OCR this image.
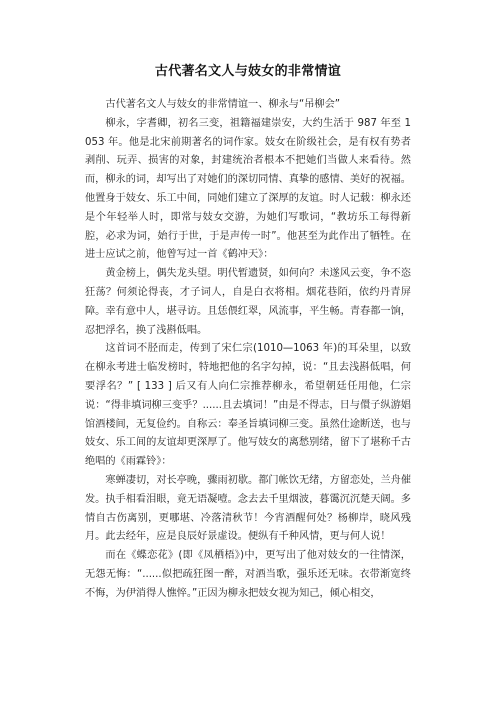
古代著名文人与妓女的非常情谊

古代著名文人与妓女的非常情谊一、柳永与“吊柳会”

柳永，字耆卿，初名三变，祖籍福建崇安，大约生活于 987 年至 1053 年。他是北宋前期著名的词作家。妓女在阶级社会，是有权有势者剥削、玩弄、损害的对象，封建统治者根本不把她们当做人来看待。然而，柳永的词，却写出了对她们的深切同情、真挚的感情、美好的祝福。他置身于妓女、乐工中间，同她们建立了深厚的友谊。时人记载：柳永还是个年轻举人时，即常与妓女交游，为她们写歌词，“教坊乐工每得新腔，必求为词，始行于世，于是声传一时”。他甚至为此作出了牺牲。在进士应试之前，他曾写过一首《鹤冲天》：

黄金榜上，偶失龙头望。明代暂遗贤，如何向？未遂风云变，争不恣狂荡？何须论得丧，才子词人，自是白衣将相。烟花巷陌，依约丹青屏障。幸有意中人，堪寻访。且恁偎红翠，风流事，平生畅。青春都一饷，忍把浮名，换了浅斟低唱。

这首词不胫而走，传到了宋仁宗(1010—1063 年)的耳朵里，以致在柳永考进士临发榜时，特地把他的名字勾掉，说：“且去浅斟低唱，何要浮名？” [ 133 ] 后又有人向仁宗推荐柳永，希望朝廷任用他，仁宗说：“得非填词柳三变乎？......且去填词！”由是不得志，日与儇子纵游娼馆酒楼间，无复俭约。自称云：奉圣旨填词柳三变。虽然仕途断送，也与妓女、乐工间的友谊却更深厚了。他写妓女的离愁别绪，留下了堪称千古绝唱的《雨霖铃》：

寒蝉凄切，对长亭晚，骤雨初歇。都门帐饮无绪，方留恋处，兰舟催发。执手相看泪眼，竟无语凝噎。念去去千里烟波，暮霭沉沉楚天阔。多情自古伤离别，更哪堪、冷落清秋节！今宵酒醒何处？杨柳岸，晓风残月。此去经年，应是良辰好景虚设。便纵有千种风情，更与何人说！

而在《蝶恋花》(即《凤栖梧》)中，更写出了他对妓女的一往情深，无怨无悔：“......似把疏狂图一醉，对酒当歌，强乐还无味。衣带渐宽终不悔，为伊消得人憔悴。”正因为柳永把妓女视为知己，倾心相交，
